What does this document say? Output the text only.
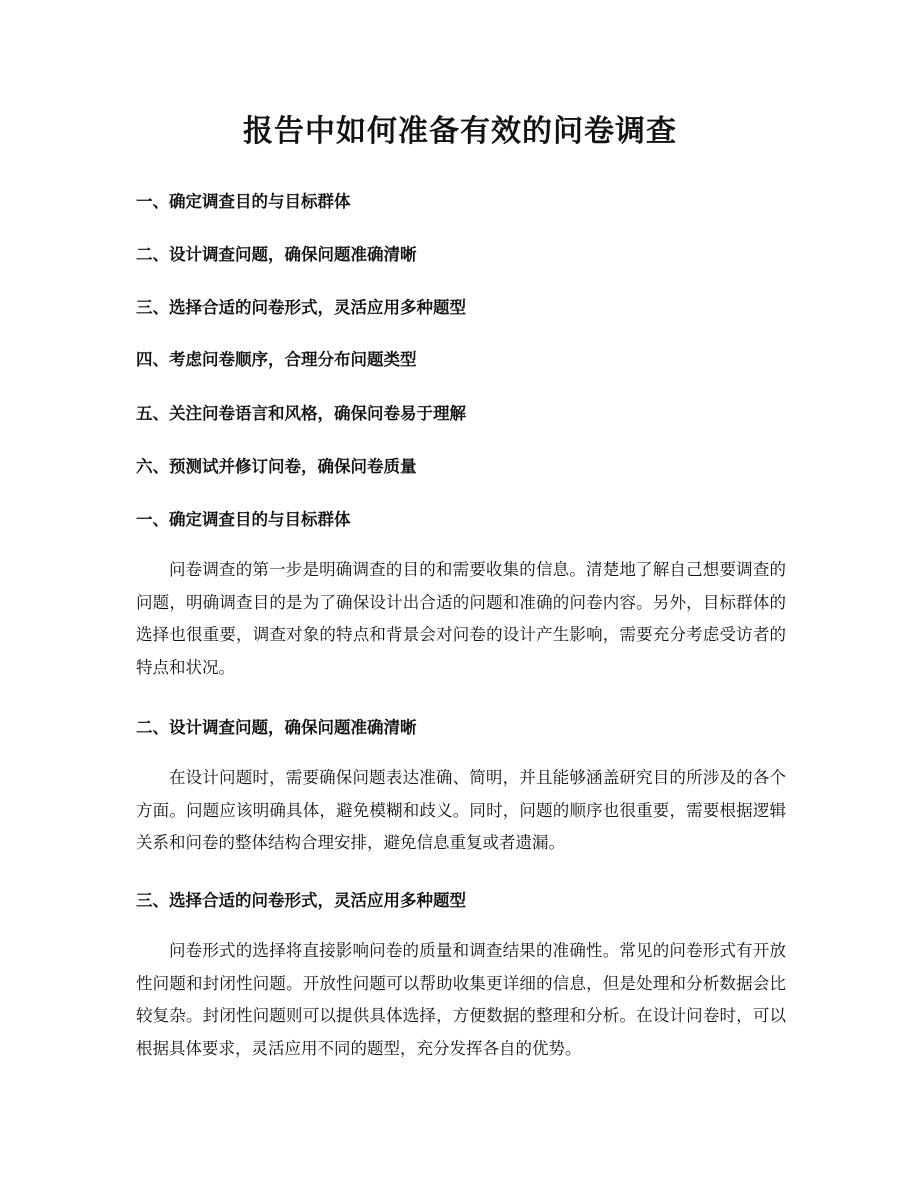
报告中如何准备有效的问卷调查
一、确定调查目的与目标群体
二、设计调查问题，确保问题准确清晰
三、选择合适的问卷形式，灵活应用多种题型
四、考虑问卷顺序，合理分布问题类型
五、关注问卷语言和风格，确保问卷易于理解
六、预测试并修订问卷，确保问卷质量
一、确定调查目的与目标群体

问卷调查的第一步是明确调查的目的和需要收集的信息。清楚地了解自己想要调查的问题，明确调查目的是为了确保设计出合适的问题和准确的问卷内容。另外，目标群体的选择也很重要，调查对象的特点和背景会对问卷的设计产生影响，需要充分考虑受访者的特点和状况。

二、设计调查问题，确保问题准确清晰

在设计问题时，需要确保问题表达准确、简明，并且能够涵盖研究目的所涉及的各个方面。问题应该明确具体，避免模糊和歧义。同时，问题的顺序也很重要，需要根据逻辑关系和问卷的整体结构合理安排，避免信息重复或者遗漏。

三、选择合适的问卷形式，灵活应用多种题型

问卷形式的选择将直接影响问卷的质量和调查结果的准确性。常见的问卷形式有开放性问题和封闭性问题。开放性问题可以帮助收集更详细的信息，但是处理和分析数据会比较复杂。封闭性问题则可以提供具体选择，方便数据的整理和分析。在设计问卷时，可以根据具体要求，灵活应用不同的题型，充分发挥各自的优势。
